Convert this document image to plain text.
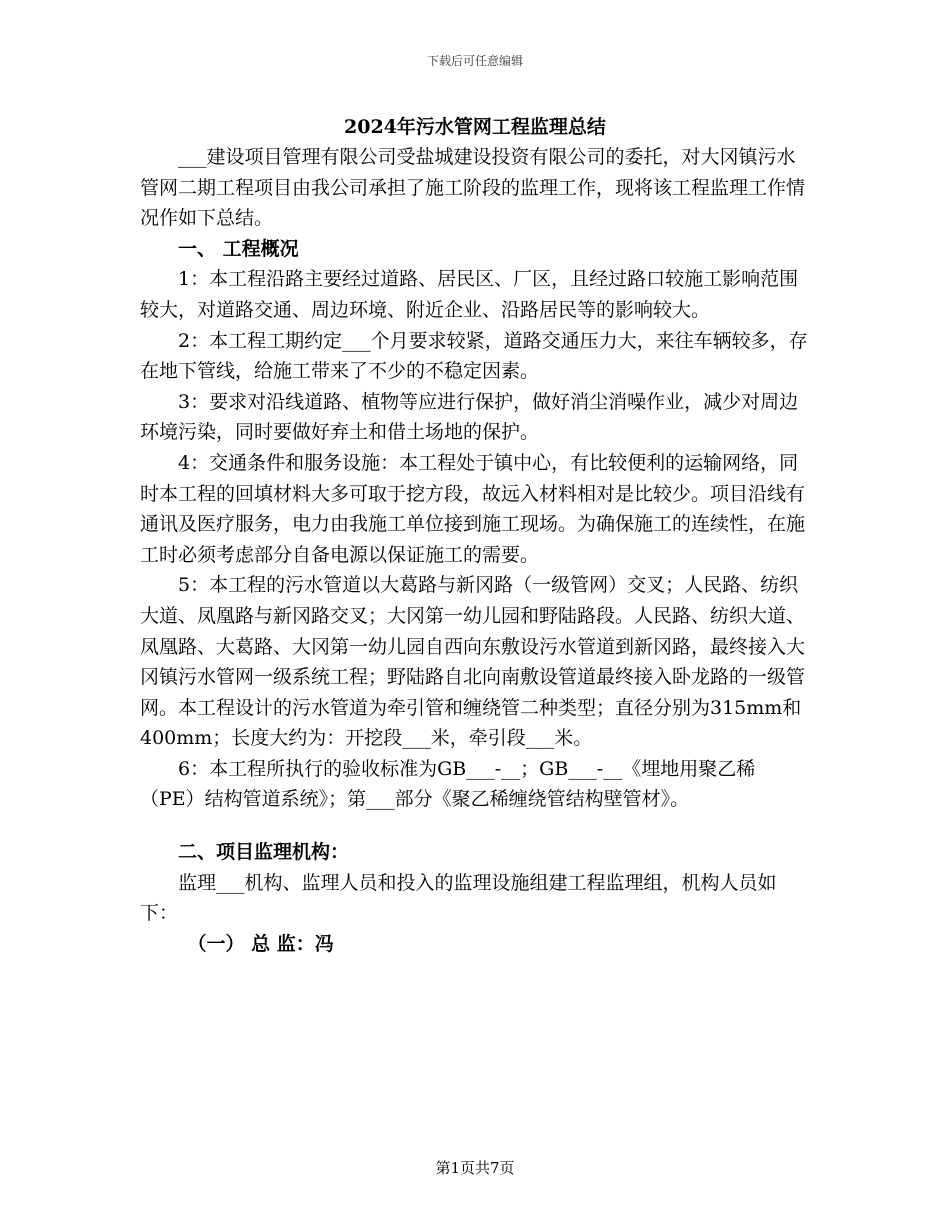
下载后可任意编辑
2024年污水管网工程监理总结

___建设项目管理有限公司受盐城建设投资有限公司的委托，对大冈镇污水管网二期工程项目由我公司承担了施工阶段的监理工作，现将该工程监理工作情况作如下总结。

一、 工程概况

1：本工程沿路主要经过道路、居民区、厂区，且经过路口较施工影响范围较大，对道路交通、周边环境、附近企业、沿路居民等的影响较大。

2：本工程工期约定___个月要求较紧，道路交通压力大，来往车辆较多，存在地下管线，给施工带来了不少的不稳定因素。

3：要求对沿线道路、植物等应进行保护，做好消尘消噪作业，减少对周边环境污染，同时要做好弃土和借土场地的保护。

4：交通条件和服务设施：本工程处于镇中心，有比较便利的运输网络，同时本工程的回填材料大多可取于挖方段，故远入材料相对是比较少。项目沿线有通讯及医疗服务，电力由我施工单位接到施工现场。为确保施工的连续性，在施工时必须考虑部分自备电源以保证施工的需要。

5：本工程的污水管道以大葛路与新冈路（一级管网）交叉；人民路、纺织大道、凤凰路与新冈路交叉；大冈第一幼儿园和野陆路段。人民路、纺织大道、凤凰路、大葛路、大冈第一幼儿园自西向东敷设污水管道到新冈路，最终接入大冈镇污水管网一级系统工程；野陆路自北向南敷设管道最终接入卧龙路的一级管网。本工程设计的污水管道为牵引管和缠绕管二种类型；直径分别为315mm和400mm；长度大约为：开挖段___米，牵引段___米。

6：本工程所执行的验收标准为GB___-__；GB___-__《埋地用聚乙稀（PE）结构管道系统》；第___部分《聚乙稀缠绕管结构壁管材》。

二、项目监理机构：

监理___机构、监理人员和投入的监理设施组建工程监理组，机构人员如下：

（一） 总 监：冯

第1页共7页
